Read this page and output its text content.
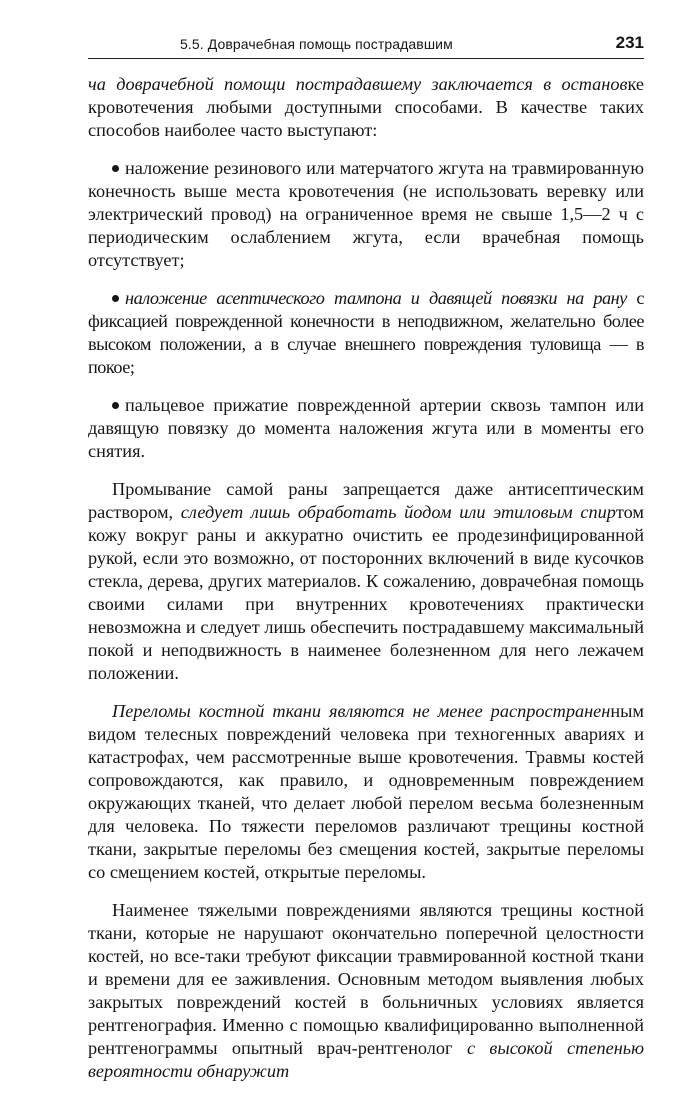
5.5. Доврачебная помощь пострадавшим	231

ча доврачебной помощи пострадавшему заключается в остановке кровотечения любыми доступными способами. В качестве таких способов наиболее часто выступают:

наложение резинового или матерчатого жгута на травмированную конечность выше места кровотечения (не использовать веревку или электрический провод) на ограниченное время не свыше 1,5—2 ч с периодическим ослаблением жгута, если врачебная помощь отсутствует;

наложение асептического тампона и давящей повязки на рану с фиксацией поврежденной конечности в неподвижном, желательно более высоком положении, а в случае внешнего повреждения туловища — в покое;

пальцевое прижатие поврежденной артерии сквозь тампон или давящую повязку до момента наложения жгута или в моменты его снятия.

Промывание самой раны запрещается даже антисептическим раствором, следует лишь обработать йодом или этиловым спиртом кожу вокруг раны и аккуратно очистить ее продезинфицированной рукой, если это возможно, от посторонних включений в виде кусочков стекла, дерева, других материалов. К сожалению, доврачебная помощь своими силами при внутренних кровотечениях практически невозможна и следует лишь обеспечить пострадавшему максимальный покой и неподвижность в наименее болезненном для него лежачем положении.

Переломы костной ткани являются не менее распространенным видом телесных повреждений человека при техногенных авариях и катастрофах, чем рассмотренные выше кровотечения. Травмы костей сопровождаются, как правило, и одновременным повреждением окружающих тканей, что делает любой перелом весьма болезненным для человека. По тяжести переломов различают трещины костной ткани, закрытые переломы без смещения костей, закрытые переломы со смещением костей, открытые переломы.

Наименее тяжелыми повреждениями являются трещины костной ткани, которые не нарушают окончательно поперечной целостности костей, но все-таки требуют фиксации травмированной костной ткани и времени для ее заживления. Основным методом выявления любых закрытых повреждений костей в больничных условиях является рентгенография. Именно с помощью квалифицированно выполненной рентгенограммы опытный врач-рентгенолог с высокой степенью вероятности обнаружит
